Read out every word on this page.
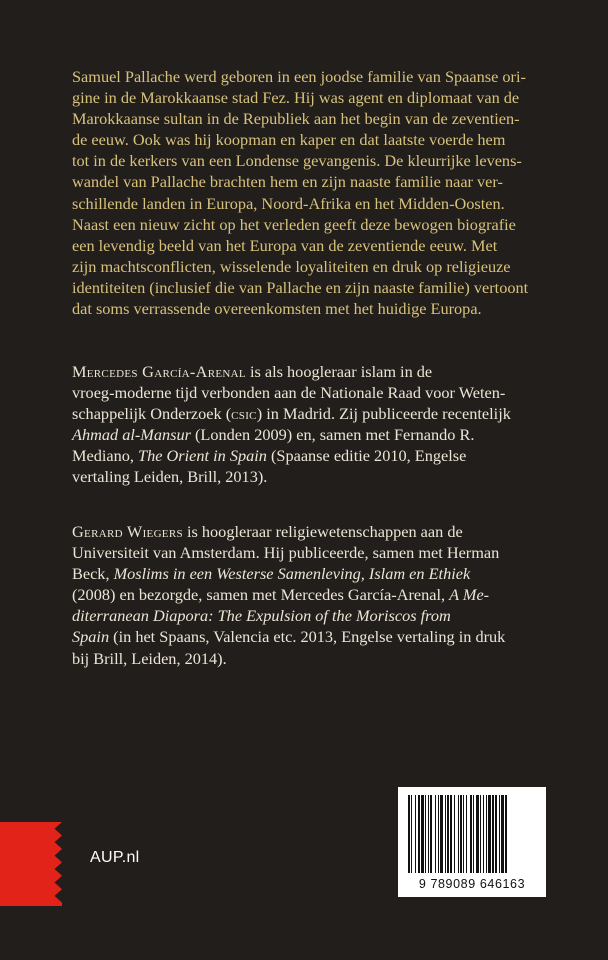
Samuel Pallache werd geboren in een joodse familie van Spaanse ori-
gine in de Marokkaanse stad Fez. Hij was agent en diplomaat van de
Marokkaanse sultan in de Republiek aan het begin van de zeventien-
de eeuw. Ook was hij koopman en kaper en dat laatste voerde hem
tot in de kerkers van een Londense gevangenis. De kleurrijke levens-
wandel van Pallache brachten hem en zijn naaste familie naar ver-
schillende landen in Europa, Noord-Afrika en het Midden-Oosten.
Naast een nieuw zicht op het verleden geeft deze bewogen biografie
een levendig beeld van het Europa van de zeventiende eeuw. Met
zijn machtsconflicten, wisselende loyaliteiten en druk op religieuze
identiteiten (inclusief die van Pallache en zijn naaste familie) vertoont
dat soms verrassende overeenkomsten met het huidige Europa.

Mercedes García-Arenal is als hoogleraar islam in de
vroeg-moderne tijd verbonden aan de Nationale Raad voor Weten-
schappelijk Onderzoek (csic) in Madrid. Zij publiceerde recentelijk
Ahmad al-Mansur (Londen 2009) en, samen met Fernando R.
Mediano, The Orient in Spain (Spaanse editie 2010, Engelse
vertaling Leiden, Brill, 2013).
Gerard Wiegers is hoogleraar religiewetenschappen aan de
Universiteit van Amsterdam. Hij publiceerde, samen met Herman
Beck, Moslims in een Westerse Samenleving, Islam en Ethiek
(2008) en bezorgde, samen met Mercedes García-Arenal, A Me-
diterranean Diapora: The Expulsion of the Moriscos from
Spain (in het Spaans, Valencia etc. 2013, Engelse vertaling in druk
bij Brill, Leiden, 2014).
AUP.nl
9 789089 646163
